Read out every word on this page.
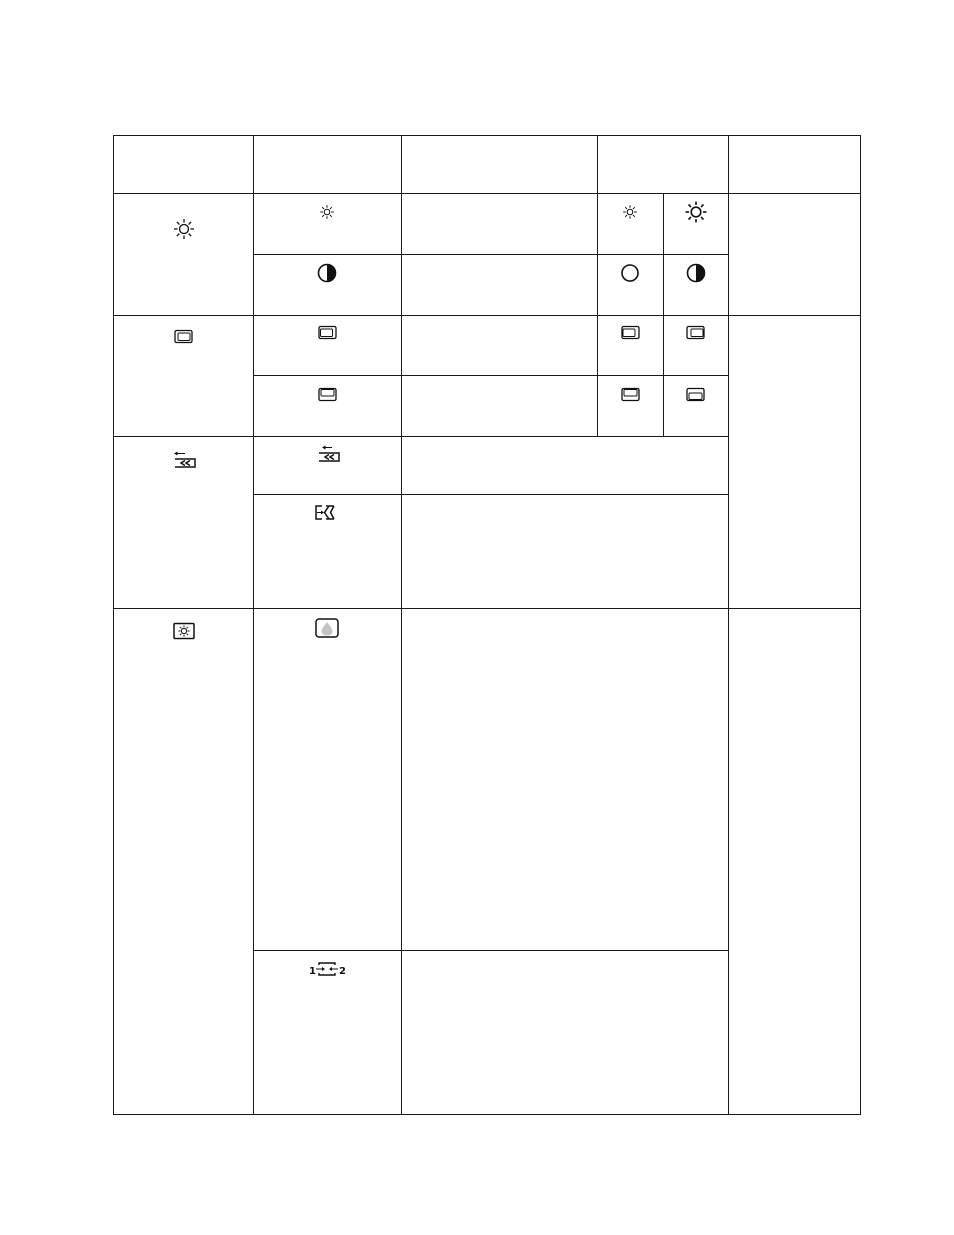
1 2
